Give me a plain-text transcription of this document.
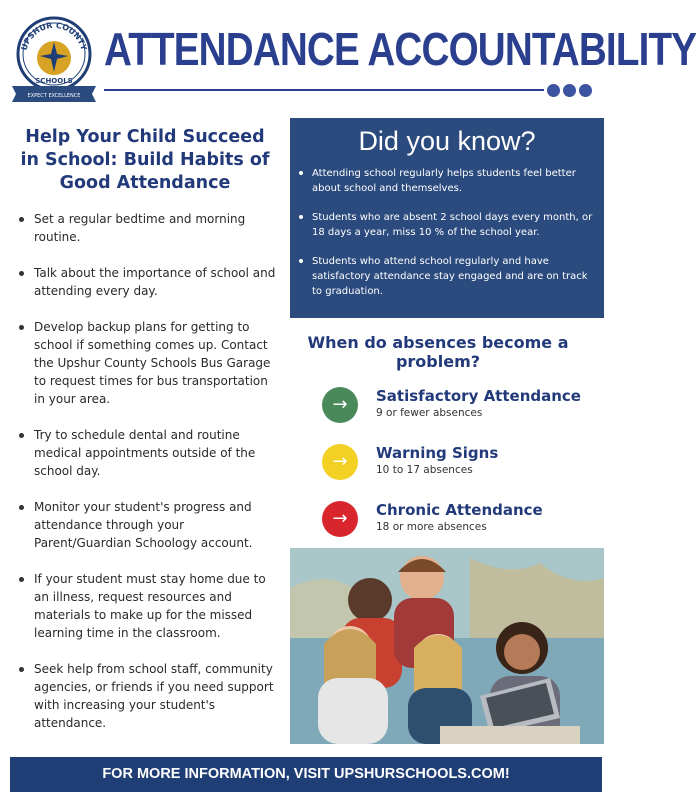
UPSHUR COUNTY
SCHOOLS
EXPECT EXCELLENCE
ATTENDANCE ACCOUNTABILITY
Help Your Child Succeed in School: Build Habits of Good Attendance
Set a regular bedtime and morning routine.
Talk about the importance of school and attending every day.
Develop backup plans for getting to school if something comes up. Contact the Upshur County Schools Bus Garage to request times for bus transportation in your area.
Try to schedule dental and routine medical appointments outside of the school day.
Monitor your student's progress and attendance through your Parent/Guardian Schoology account.
If your student must stay home due to an illness, request resources and materials to make up for the missed learning time in the classroom.
Seek help from school staff, community agencies, or friends if you need support with increasing your student's attendance.
Did you know?
Attending school regularly helps students feel better about school and themselves.
Students who are absent 2 school days every month, or 18 days a year, miss 10 % of the school year.
Students who attend school regularly and have satisfactory attendance stay engaged and are on track to graduation.
When do absences become a problem?
→	Satisfactory Attendance
9 or fewer absences
→	Warning Signs
10 to 17 absences
→	Chronic Attendance
18 or more absences
FOR MORE INFORMATION, VISIT UPSHURSCHOOLS.COM!
